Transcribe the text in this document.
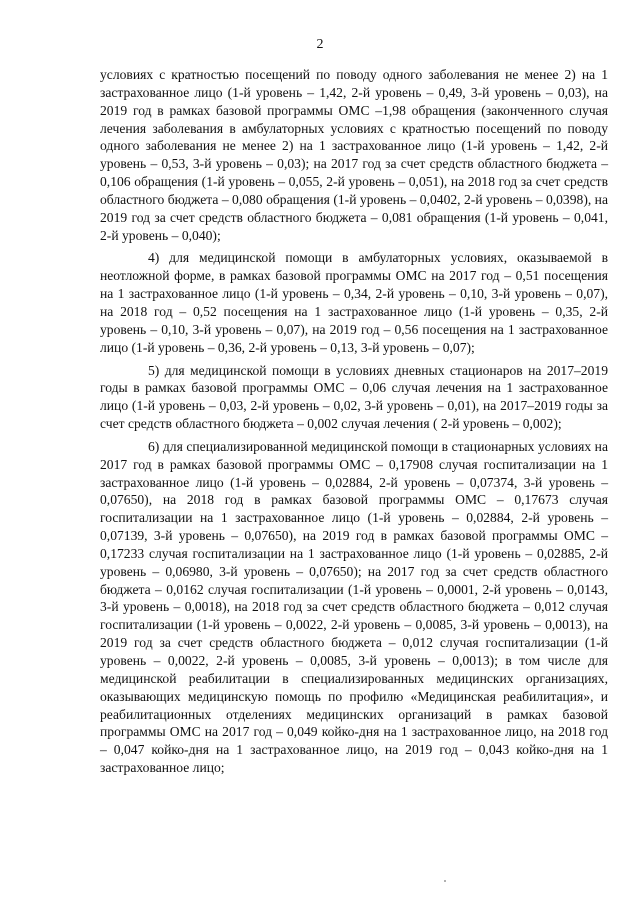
2

условиях с кратностью посещений по поводу одного заболевания не менее 2) на 1 застрахованное лицо (1-й уровень – 1,42, 2-й уровень – 0,49, 3-й уровень – 0,03), на 2019 год в рамках базовой программы ОМС –1,98 обращения (законченного случая лечения заболевания в амбулаторных условиях с кратностью посещений по поводу одного заболевания не менее 2) на 1 застрахованное лицо (1-й уровень – 1,42, 2-й уровень – 0,53, 3-й уровень – 0,03); на 2017 год за счет средств областного бюджета – 0,106 обращения (1-й уровень – 0,055, 2-й уровень – 0,051), на 2018 год за счет средств областного бюджета – 0,080 обращения (1-й уровень – 0,0402, 2-й уровень – 0,0398), на 2019 год за счет средств областного бюджета – 0,081 обращения (1-й уровень – 0,041, 2-й уровень – 0,040);

4) для медицинской помощи в амбулаторных условиях, оказываемой в неотложной форме, в рамках базовой программы ОМС на 2017 год – 0,51 посещения на 1 застрахованное лицо (1-й уровень – 0,34, 2-й уровень – 0,10, 3-й уровень – 0,07), на 2018 год – 0,52 посещения на 1 застрахованное лицо (1-й уровень – 0,35, 2-й уровень – 0,10, 3-й уровень – 0,07), на 2019 год – 0,56 посещения на 1 застрахованное лицо (1-й уровень – 0,36, 2-й уровень – 0,13, 3-й уровень – 0,07);

5) для медицинской помощи в условиях дневных стационаров на 2017–2019 годы в рамках базовой программы ОМС – 0,06 случая лечения на 1 застрахованное лицо (1-й уровень – 0,03, 2-й уровень – 0,02, 3-й уровень – 0,01), на 2017–2019 годы за счет средств областного бюджета – 0,002 случая лечения ( 2-й уровень – 0,002);

6) для специализированной медицинской помощи в стационарных условиях на 2017 год в рамках базовой программы ОМС – 0,17908 случая госпитализации на 1 застрахованное лицо (1-й уровень – 0,02884, 2-й уровень – 0,07374, 3-й уровень – 0,07650), на 2018 год в рамках базовой программы ОМС – 0,17673 случая госпитализации на 1 застрахованное лицо (1-й уровень – 0,02884, 2-й уровень – 0,07139, 3-й уровень – 0,07650), на 2019 год в рамках базовой программы ОМС – 0,17233 случая госпитализации на 1 застрахованное лицо (1-й уровень – 0,02885, 2-й уровень – 0,06980, 3-й уровень – 0,07650); на 2017 год за счет средств областного бюджета – 0,0162 случая госпитализации (1-й уровень – 0,0001, 2-й уровень – 0,0143, 3-й уровень – 0,0018), на 2018 год за счет средств областного бюджета – 0,012 случая госпитализации (1-й уровень – 0,0022, 2-й уровень – 0,0085, 3-й уровень – 0,0013), на 2019 год за счет средств областного бюджета – 0,012 случая госпитализации (1-й уровень – 0,0022, 2-й уровень – 0,0085, 3-й уровень – 0,0013); в том числе для медицинской реабилитации в специализированных медицинских организациях, оказывающих медицинскую помощь по профилю «Медицинская реабилитация», и реабилитационных отделениях медицинских организаций в рамках базовой программы ОМС на 2017 год – 0,049 койко-дня на 1 застрахованное лицо, на 2018 год – 0,047 койко-дня на 1 застрахованное лицо, на 2019 год – 0,043 койко-дня на 1 застрахованное лицо;
